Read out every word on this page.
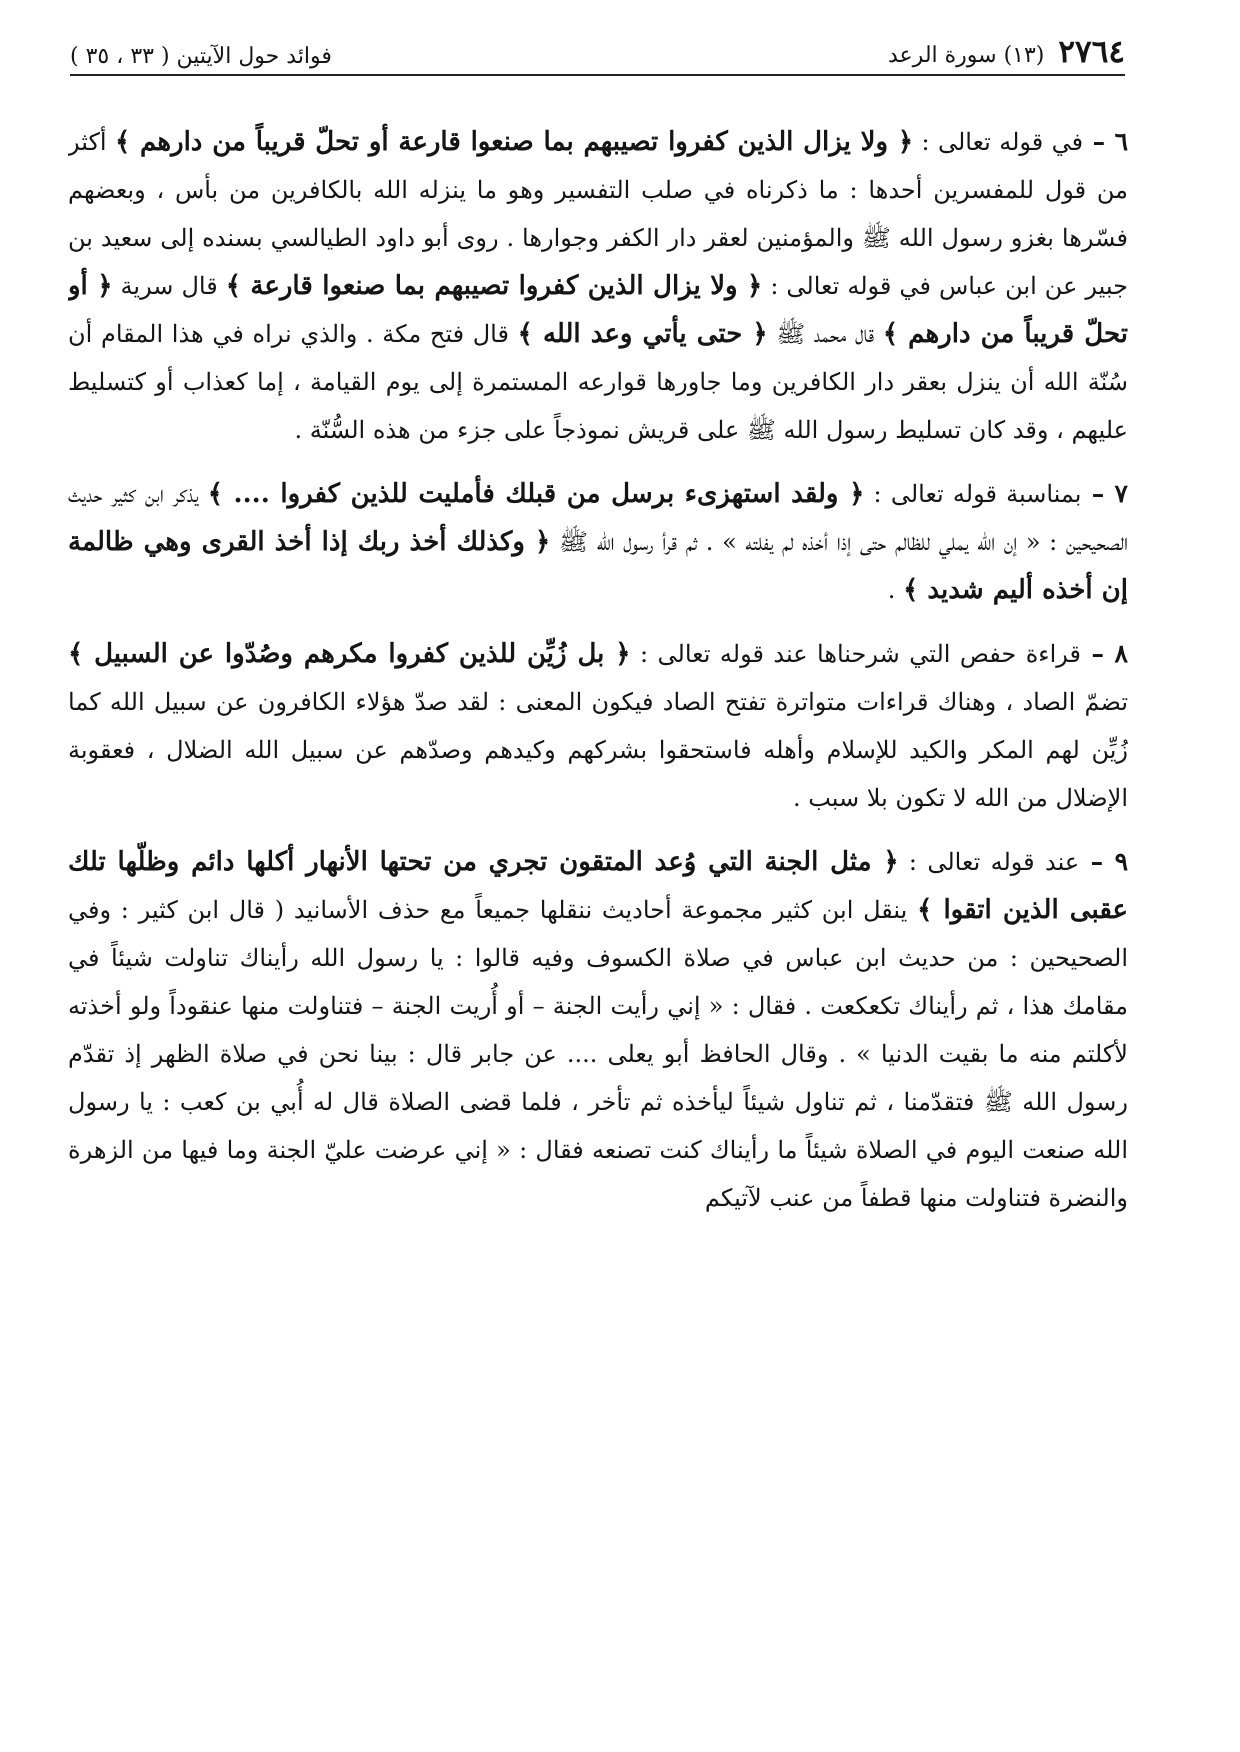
٢٧٦٤
(١٣) سورة الرعد
فوائد حول الآيتين ( ٣٣ ، ٣٥ )

٦ – في قوله تعالى : ﴿ ولا يزال الذين كفروا تصيبهم بما صنعوا قارعة أو تحلّ قريباً من دارهم ﴾ أكثر من قول للمفسرين أحدها : ما ذكرناه في صلب التفسير وهو ما ينزله الله بالكافرين من بأس ، وبعضهم فسّرها بغزو رسول الله ﷺ والمؤمنين لعقر دار الكفر وجوارها . روى أبو داود الطيالسي بسنده إلى سعيد بن جبير عن ابن عباس في قوله تعالى : ﴿ ولا يزال الذين كفروا تصيبهم بما صنعوا قارعة ﴾ قال سرية ﴿ أو تحلّ قريباً من دارهم ﴾ قال محمد ﷺ ﴿ حتى يأتي وعد الله ﴾ قال فتح مكة . والذي نراه في هذا المقام أن سُنّة الله أن ينزل بعقر دار الكافرين وما جاورها قوارعه المستمرة إلى يوم القيامة ، إما كعذاب أو كتسليط عليهم ، وقد كان تسليط رسول الله ﷺ على قريش نموذجاً على جزء من هذه السُّنّة .

٧ – بمناسبة قوله تعالى : ﴿ ولقد استهزىء برسل من قبلك فأمليت للذين كفروا .... ﴾ يذكر ابن كثير حديث الصحيحين : « إن الله يملي للظالم حتى إذا أخذه لم يفلته » . ثم قرأ رسول الله ﷺ ﴿ وكذلك أخذ ربك إذا أخذ القرى وهي ظالمة إن أخذه أليم شديد ﴾ .

٨ – قراءة حفص التي شرحناها عند قوله تعالى : ﴿ بل زُيِّن للذين كفروا مكرهم وصُدّوا عن السبيل ﴾ تضمّ الصاد ، وهناك قراءات متواترة تفتح الصاد فيكون المعنى : لقد صدّ هؤلاء الكافرون عن سبيل الله كما زُيِّن لهم المكر والكيد للإسلام وأهله فاستحقوا بشركهم وكيدهم وصدّهم عن سبيل الله الضلال ، فعقوبة الإضلال من الله لا تكون بلا سبب .

٩ – عند قوله تعالى : ﴿ مثل الجنة التي وُعد المتقون تجري من تحتها الأنهار أكلها دائم وظلّها تلك عقبى الذين اتقوا ﴾ ينقل ابن كثير مجموعة أحاديث ننقلها جميعاً مع حذف الأسانيد ( قال ابن كثير : وفي الصحيحين : من حديث ابن عباس في صلاة الكسوف وفيه قالوا : يا رسول الله رأيناك تناولت شيئاً في مقامك هذا ، ثم رأيناك تكعكعت . فقال : « إني رأيت الجنة – أو أُريت الجنة – فتناولت منها عنقوداً ولو أخذته لأكلتم منه ما بقيت الدنيا » . وقال الحافظ أبو يعلى .... عن جابر قال : بينا نحن في صلاة الظهر إذ تقدّم رسول الله ﷺ فتقدّمنا ، ثم تناول شيئاً ليأخذه ثم تأخر ، فلما قضى الصلاة قال له أُبي بن كعب : يا رسول الله صنعت اليوم في الصلاة شيئاً ما رأيناك كنت تصنعه فقال : « إني عرضت عليّ الجنة وما فيها من الزهرة والنضرة فتناولت منها قطفاً من عنب لآتيكم
